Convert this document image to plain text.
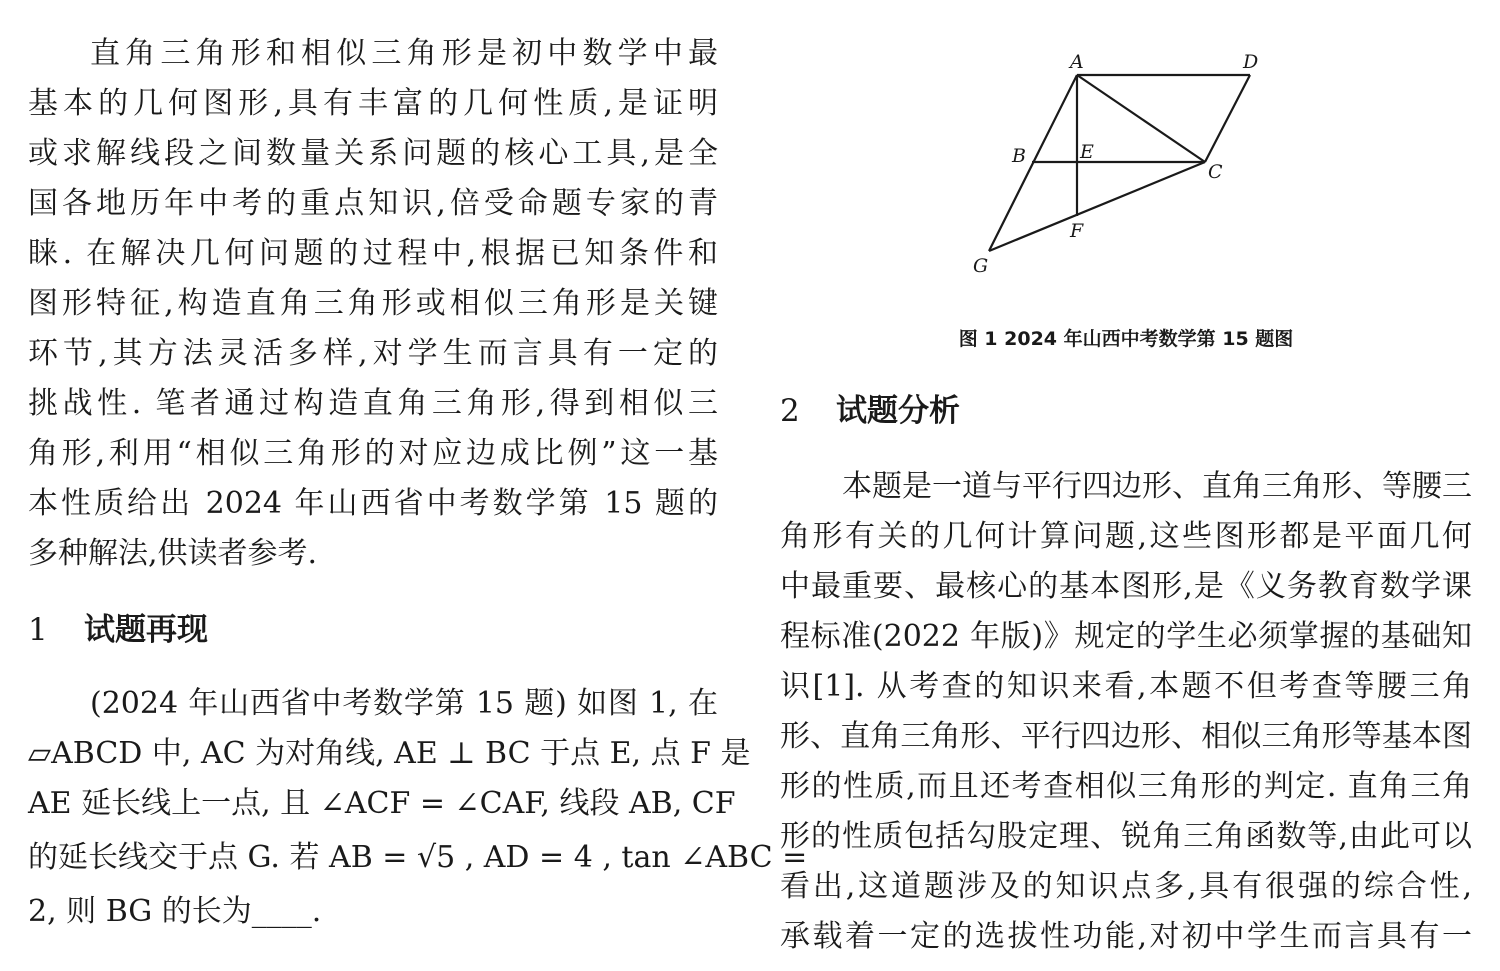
直角三角形和相似三角形是初中数学中最
基本的几何图形,具有丰富的几何性质,是证明
或求解线段之间数量关系问题的核心工具,是全
国各地历年中考的重点知识,倍受命题专家的青
睐. 在解决几何问题的过程中,根据已知条件和
图形特征,构造直角三角形或相似三角形是关键
环节,其方法灵活多样,对学生而言具有一定的
挑战性. 笔者通过构造直角三角形,得到相似三
角形,利用“相似三角形的对应边成比例”这一基
本性质给出 2024 年山西省中考数学第 15 题的
多种解法,供读者参考.
1 试题再现
(2024 年山西省中考数学第 15 题) 如图 1, 在
▱ABCD 中, AC 为对角线, AE ⊥ BC 于点 E, 点 F 是
AE 延长线上一点, 且 ∠ACF = ∠CAF, 线段 AB, CF
的延长线交于点 G. 若 AB = √5 , AD = 4 , tan ∠ABC =
2, 则 BG 的长为____.
A	D
B	E
C
F
G
图 1 2024 年山西中考数学第 15 题图
2 试题分析
本题是一道与平行四边形、直角三角形、等腰三
角形有关的几何计算问题,这些图形都是平面几何
中最重要、最核心的基本图形,是《义务教育数学课
程标准(2022 年版)》规定的学生必须掌握的基础知
识[1]. 从考查的知识来看,本题不但考查等腰三角
形、直角三角形、平行四边形、相似三角形等基本图
形的性质,而且还考查相似三角形的判定. 直角三角
形的性质包括勾股定理、锐角三角函数等,由此可以
看出,这道题涉及的知识点多,具有很强的综合性,
承载着一定的选拔性功能,对初中学生而言具有一
